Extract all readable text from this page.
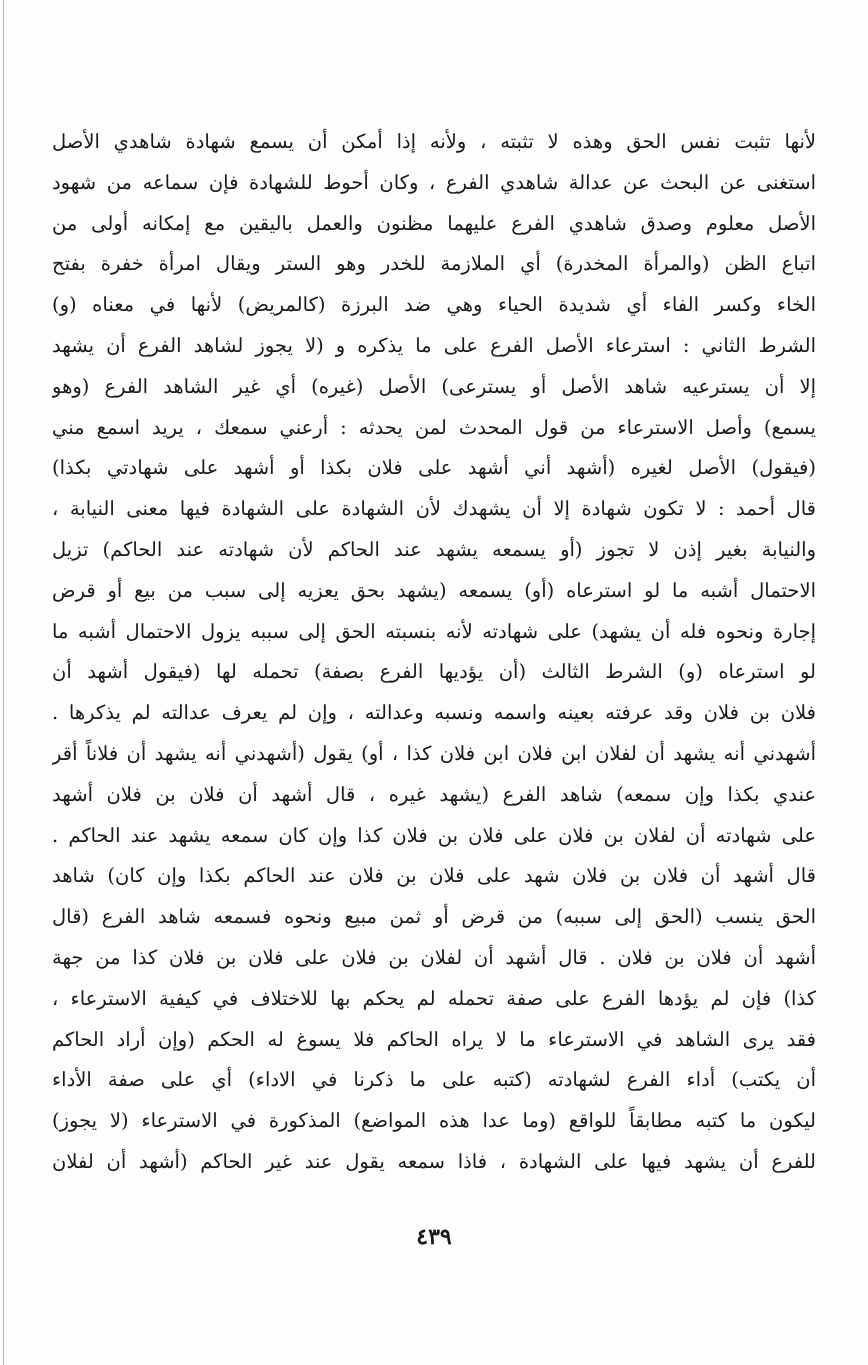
لأنها تثبت نفس الحق وهذه لا تثبته ، ولأنه إذا أمكن أن يسمع شهادة شاهدي الأصل
استغنى عن البحث عن عدالة شاهدي الفرع ، وكان أحوط للشهادة فإن سماعه من شهود
الأصل معلوم وصدق شاهدي الفرع عليهما مظنون والعمل باليقين مع إمكانه أولى من
اتباع الظن (والمرأة المخدرة) أي الملازمة للخدر وهو الستر ويقال امرأة خفرة بفتح
الخاء وكسر الفاء أي شديدة الحياء وهي ضد البرزة (كالمريض) لأنها في معناه (و)
الشرط الثاني : استرعاء الأصل الفرع على ما يذكره و (لا يجوز لشاهد الفرع أن يشهد
إلا أن يسترعيه شاهد الأصل أو يسترعى) الأصل (غيره) أي غير الشاهد الفرع (وهو
يسمع) وأصل الاسترعاء من قول المحدث لمن يحدثه : أرعني سمعك ، يريد اسمع مني
(فيقول) الأصل لغيره (أشهد أني أشهد على فلان بكذا أو أشهد على شهادتي بكذا)
قال أحمد : لا تكون شهادة إلا أن يشهدك لأن الشهادة على الشهادة فيها معنى النيابة ،
والنيابة بغير إذن لا تجوز (أو يسمعه يشهد عند الحاكم لأن شهادته عند الحاكم) تزيل
الاحتمال أشبه ما لو استرعاه (أو) يسمعه (يشهد بحق يعزيه إلى سبب من بيع أو قرض
إجارة ونحوه فله أن يشهد) على شهادته لأنه بنسبته الحق إلى سببه يزول الاحتمال أشبه ما
لو استرعاه (و) الشرط الثالث (أن يؤديها الفرع بصفة) تحمله لها (فيقول أشهد أن
فلان بن فلان وقد عرفته بعينه واسمه ونسبه وعدالته ، وإن لم يعرف عدالته لم يذكرها .
أشهدني أنه يشهد أن لفلان ابن فلان ابن فلان كذا ، أو) يقول (أشهدني أنه يشهد أن فلاناً أقر
عندي بكذا وإن سمعه) شاهد الفرع (يشهد غيره ، قال أشهد أن فلان بن فلان أشهد
على شهادته أن لفلان بن فلان على فلان بن فلان كذا وإن كان سمعه يشهد عند الحاكم .
قال أشهد أن فلان بن فلان شهد على فلان بن فلان عند الحاكم بكذا وإن كان) شاهد
الحق ينسب (الحق إلى سببه) من قرض أو ثمن مبيع ونحوه فسمعه شاهد الفرع (قال
أشهد أن فلان بن فلان . قال أشهد أن لفلان بن فلان على فلان بن فلان كذا من جهة
كذا) فإن لم يؤدها الفرع على صفة تحمله لم يحكم بها للاختلاف في كيفية الاسترعاء ،
فقد يرى الشاهد في الاسترعاء ما لا يراه الحاكم فلا يسوغ له الحكم (وإن أراد الحاكم
أن يكتب) أداء الفرع لشهادته (كتبه على ما ذكرنا في الاداء) أي على صفة الأداء
ليكون ما كتبه مطابقاً للواقع (وما عدا هذه المواضع) المذكورة في الاسترعاء (لا يجوز)
للفرع أن يشهد فيها على الشهادة ، فاذا سمعه يقول عند غير الحاكم (أشهد أن لفلان
٤٣٩
